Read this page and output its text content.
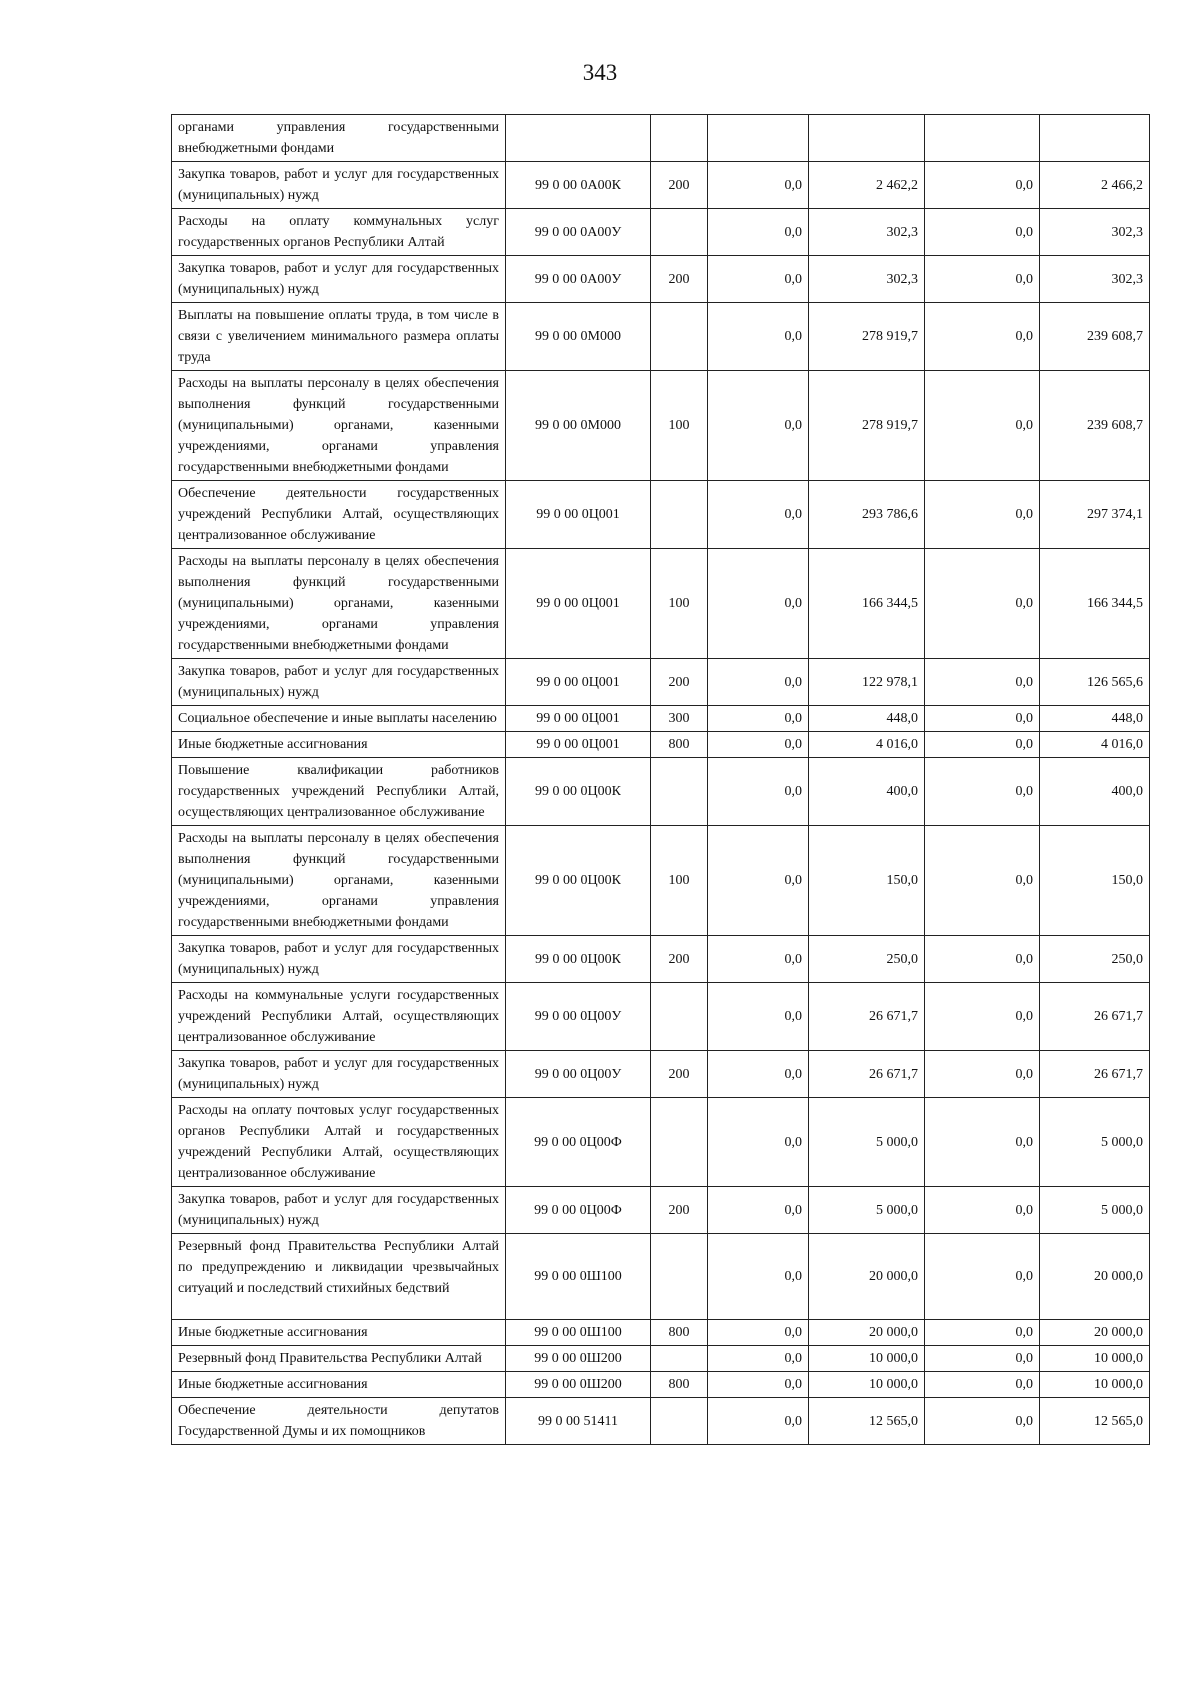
343
органами управления государственными внебюджетными фондами						
Закупка товаров, работ и услуг для государственных (муниципальных) нужд	99 0 00 0А00К	200	0,0	2 462,2	0,0	2 466,2
Расходы на оплату коммунальных услуг государственных органов Республики Алтай	99 0 00 0А00У		0,0	302,3	0,0	302,3
Закупка товаров, работ и услуг для государственных (муниципальных) нужд	99 0 00 0А00У	200	0,0	302,3	0,0	302,3
Выплаты на повышение оплаты труда, в том числе в связи с увеличением минимального размера оплаты труда	99 0 00 0М000		0,0	278 919,7	0,0	239 608,7
Расходы на выплаты персоналу в целях обеспечения выполнения функций государственными (муниципальными) органами, казенными учреждениями, органами управления государственными внебюджетными фондами	99 0 00 0М000	100	0,0	278 919,7	0,0	239 608,7
Обеспечение деятельности государственных учреждений Республики Алтай, осуществляющих централизованное обслуживание	99 0 00 0Ц001		0,0	293 786,6	0,0	297 374,1
Расходы на выплаты персоналу в целях обеспечения выполнения функций государственными (муниципальными) органами, казенными учреждениями, органами управления государственными внебюджетными фондами	99 0 00 0Ц001	100	0,0	166 344,5	0,0	166 344,5
Закупка товаров, работ и услуг для государственных (муниципальных) нужд	99 0 00 0Ц001	200	0,0	122 978,1	0,0	126 565,6
Социальное обеспечение и иные выплаты населению	99 0 00 0Ц001	300	0,0	448,0	0,0	448,0
Иные бюджетные ассигнования	99 0 00 0Ц001	800	0,0	4 016,0	0,0	4 016,0
Повышение квалификации работников государственных учреждений Республики Алтай, осуществляющих централизованное обслуживание	99 0 00 0Ц00К		0,0	400,0	0,0	400,0
Расходы на выплаты персоналу в целях обеспечения выполнения функций государственными (муниципальными) органами, казенными учреждениями, органами управления государственными внебюджетными фондами	99 0 00 0Ц00К	100	0,0	150,0	0,0	150,0
Закупка товаров, работ и услуг для государственных (муниципальных) нужд	99 0 00 0Ц00К	200	0,0	250,0	0,0	250,0
Расходы на коммунальные услуги государственных учреждений Республики Алтай, осуществляющих централизованное обслуживание	99 0 00 0Ц00У		0,0	26 671,7	0,0	26 671,7
Закупка товаров, работ и услуг для государственных (муниципальных) нужд	99 0 00 0Ц00У	200	0,0	26 671,7	0,0	26 671,7
Расходы на оплату почтовых услуг государственных органов Республики Алтай и государственных учреждений Республики Алтай, осуществляющих централизованное обслуживание	99 0 00 0Ц00Ф		0,0	5 000,0	0,0	5 000,0
Закупка товаров, работ и услуг для государственных (муниципальных) нужд	99 0 00 0Ц00Ф	200	0,0	5 000,0	0,0	5 000,0
Резервный фонд Правительства Республики Алтай по предупреждению и ликвидации чрезвычайных ситуаций и последствий стихийных бедствий	99 0 00 0Ш100		0,0	20 000,0	0,0	20 000,0
Иные бюджетные ассигнования	99 0 00 0Ш100	800	0,0	20 000,0	0,0	20 000,0
Резервный фонд Правительства Республики Алтай	99 0 00 0Ш200		0,0	10 000,0	0,0	10 000,0
Иные бюджетные ассигнования	99 0 00 0Ш200	800	0,0	10 000,0	0,0	10 000,0
Обеспечение деятельности депутатов Государственной Думы и их помощников	99 0 00 51411		0,0	12 565,0	0,0	12 565,0
